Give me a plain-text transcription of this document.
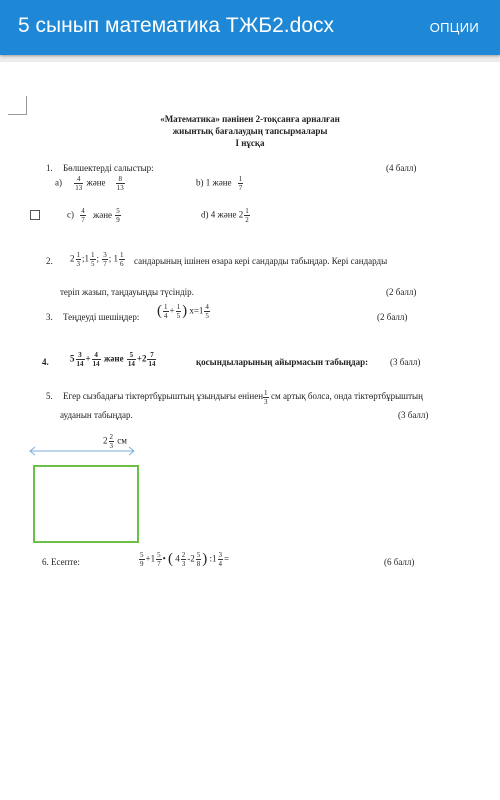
5 сынып математика ТЖБ2.docx	ОПЦИИ
«Математика» пәнінен 2-тоқсанға арналған
жиынтық бағалаудың тапсырмалары
І нұсқа
1. Бөлшектерді салыстыр:	(4 балл)
$a) \frac{4}{13}$ және $\frac{8}{13}$	b) 1 және $\frac{1}{7}$
$c) \frac{4}{7}$ және $\frac{5}{9}$	d) 4 және $2 \frac{1}{2}$
2. $2 \frac{1}{3}$ ;1 $\frac{1}{5}$ ; $\frac{3}{7}$ ; $1 \frac{1}{6}$ сандарының ішінен өзара кері сандарды табыңдар. Кері сандарды
теріп жазып, таңдауыңды түсіндір.	(2 балл)
3. Теңдеуді шешіңдер: ( $\frac{1}{4} + \frac{1}{5}$ ) $x=1 \frac{4}{5}$	(2 балл)
4. $5 \frac{3}{14} + \frac{4}{14}$ және $\frac{5}{14} +2 \frac{7}{14}$	қосындыларының айырмасын табыңдар: (3 балл)
5. Егер сызбадағы тіктөртбұрыштың ұзындығы енінен $\frac{1}{3}$ см артық болса, онда тіктөртбұрыштың
ауданын табыңдар.	(3 балл)
$2 \frac{2}{3}$ см
6. Есепте:	$\frac{5}{9} +1 \frac{5}{7}$ • ( $4 \frac{2}{3} -2 \frac{5}{8}$ ) :1 $\frac{3}{4}$ =	(6 балл)
